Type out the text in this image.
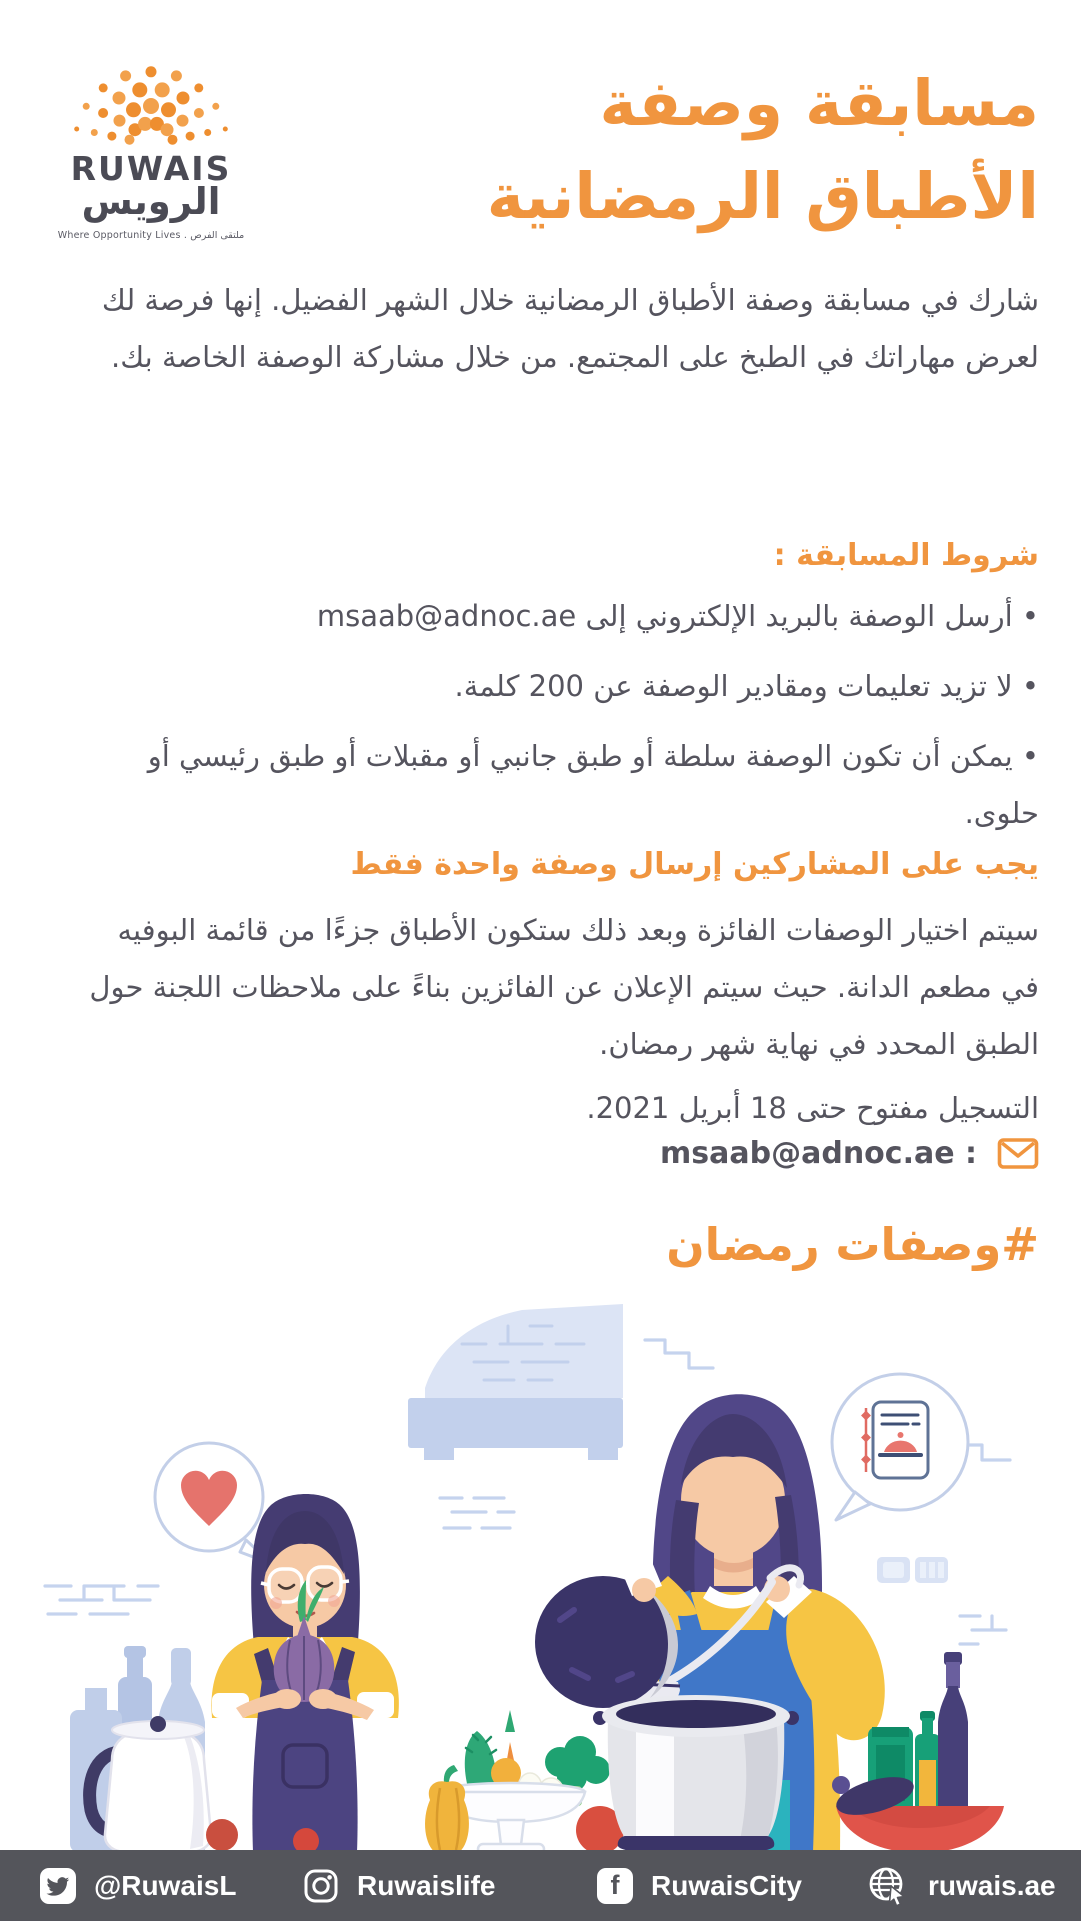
RUWAIS
الرويس
Where Opportunity Lives . ملتقى الفرص
مسابقة وصفة
الأطباق الرمضانية

شارك في مسابقة وصفة الأطباق الرمضانية خلال الشهر الفضيل. إنها فرصة لك لعرض مهاراتك في الطبخ على المجتمع. من خلال مشاركة الوصفة الخاصة بك.

شروط المسابقة :
• أرسل الوصفة بالبريد الإلكتروني إلى msaab@adnoc.ae
• لا تزيد تعليمات ومقادير الوصفة عن 200 كلمة.
• يمكن أن تكون الوصفة سلطة أو طبق جانبي أو مقبلات أو طبق رئيسي أو حلوى.

يجب على المشاركين إرسال وصفة واحدة فقط

سيتم اختيار الوصفات الفائزة وبعد ذلك ستكون الأطباق جزءًا من قائمة البوفيه في مطعم الدانة. حيث سيتم الإعلان عن الفائزين بناءً على ملاحظات اللجنة حول الطبق المحدد في نهاية شهر رمضان.

التسجيل مفتوح حتى 18 أبريل 2021.

msaab@adnoc.ae :
#وصفات رمضان
@RuwaisL	Ruwaislife	f	RuwaisCity	ruwais.ae
